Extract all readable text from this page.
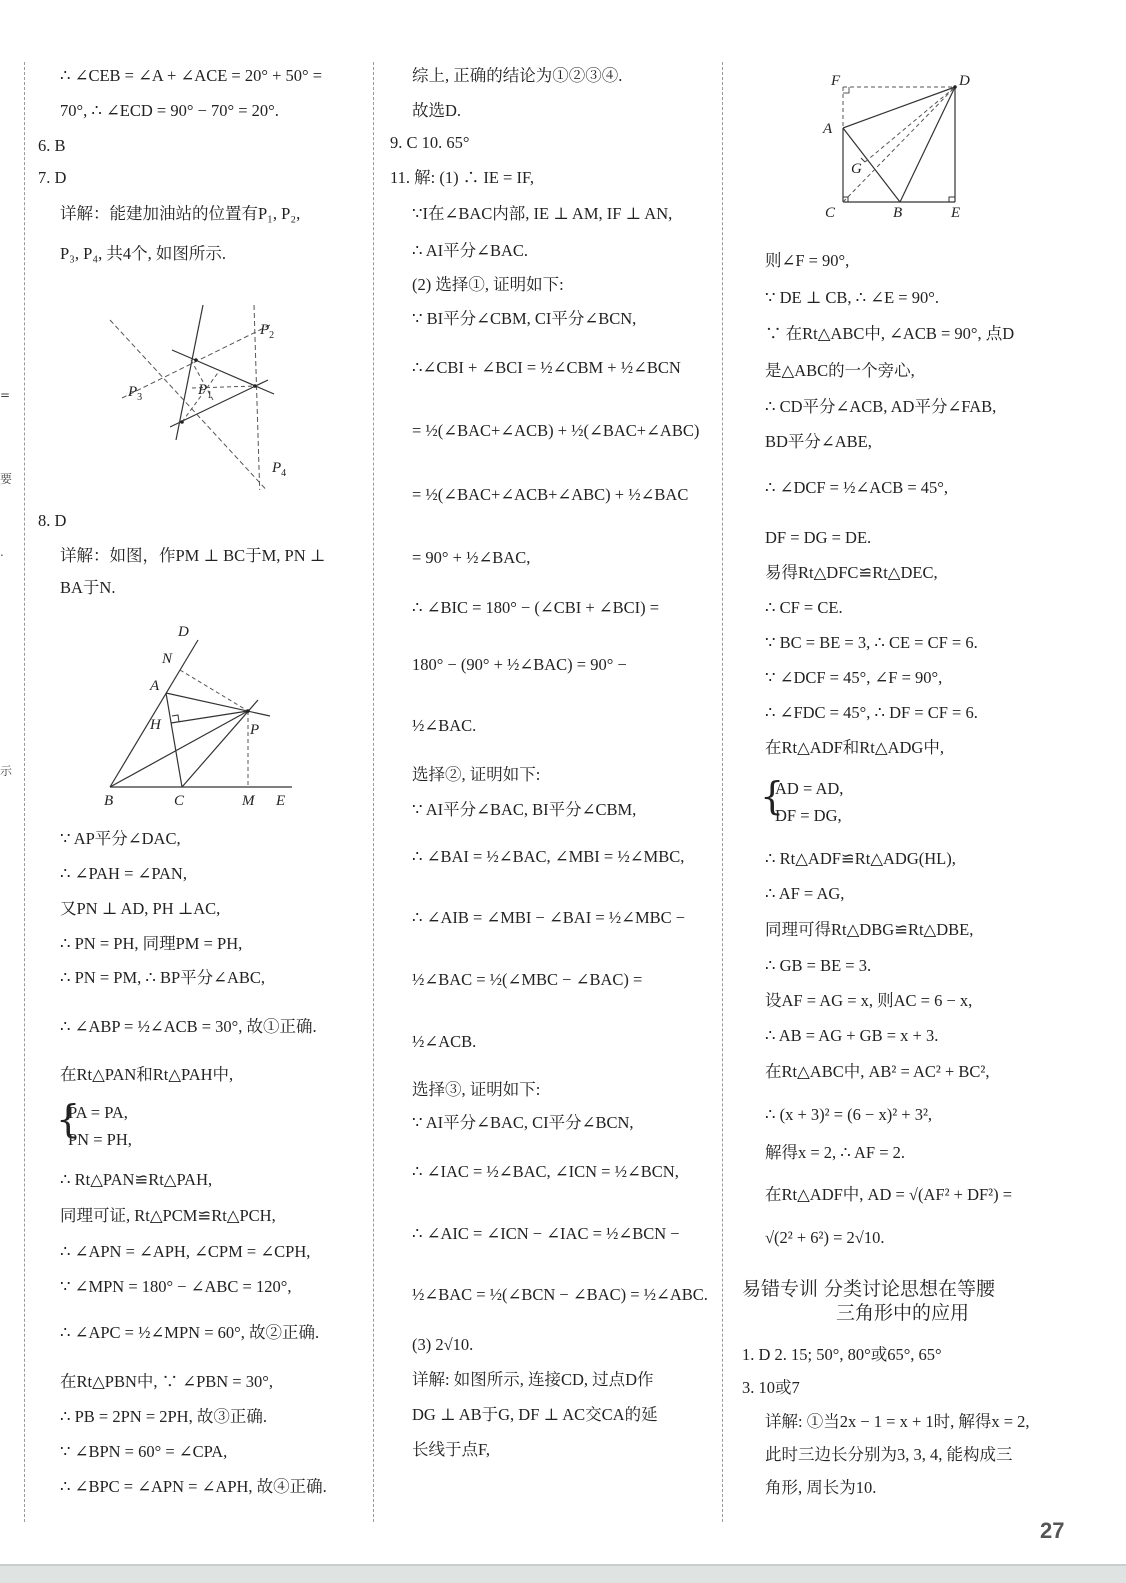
=
要
.
示
∴ ∠CEB = ∠A + ∠ACE = 20° + 50° =
70°, ∴ ∠ECD = 90° − 70° = 20°.
6. B
7. D
详解：能建加油站的位置有P₁, P₂,
P₃, P₄, 共4个, 如图所示.
$P_2$
$P_3$	$P_1$
$P_4$
8. D
详解：如图，作PM ⊥ BC于M, PN ⊥
BA于N.
D
N
A
H	P
B	C	M E
∵ AP平分∠DAC,
∴ ∠PAH = ∠PAN,
又PN ⊥ AD, PH ⊥AC,
∴ PN = PH, 同理PM = PH,
∴ PN = PM, ∴ BP平分∠ABC,
∴ ∠ABP = ½∠ACB = 30°, 故①正确.
在Rt△PAN和Rt△PAH中,
{
PA = PA,
PN = PH,
∴ Rt△PAN≌Rt△PAH,
同理可证, Rt△PCM≌Rt△PCH,
∴ ∠APN = ∠APH, ∠CPM = ∠CPH,
∵ ∠MPN = 180° − ∠ABC = 120°,
∴ ∠APC = ½∠MPN = 60°, 故②正确.
在Rt△PBN中, ∵ ∠PBN = 30°,
∴ PB = 2PN = 2PH, 故③正确.
∵ ∠BPN = 60° = ∠CPA,
∴ ∠BPC = ∠APN = ∠APH, 故④正确.
综上, 正确的结论为①②③④.
故选D.
9. C 10. 65°
11. 解: (1) ∴ IE = IF,
∵I在∠BAC内部, IE ⊥ AM, IF ⊥ AN,
∴ AI平分∠BAC.
(2) 选择①, 证明如下:
∵ BI平分∠CBM, CI平分∠BCN,
∴∠CBI + ∠BCI = ½∠CBM + ½∠BCN
= ½(∠BAC+∠ACB) + ½(∠BAC+∠ABC)
= ½(∠BAC+∠ACB+∠ABC) + ½∠BAC
= 90° + ½∠BAC,
∴ ∠BIC = 180° − (∠CBI + ∠BCI) =
180° − (90° + ½∠BAC) = 90° −
½∠BAC.
选择②, 证明如下:
∵ AI平分∠BAC, BI平分∠CBM,
∴ ∠BAI = ½∠BAC, ∠MBI = ½∠MBC,
∴ ∠AIB = ∠MBI − ∠BAI = ½∠MBC −
½∠BAC = ½(∠MBC − ∠BAC) =
½∠ACB.
选择③, 证明如下:
∵ AI平分∠BAC, CI平分∠BCN,
∴ ∠IAC = ½∠BAC, ∠ICN = ½∠BCN,
∴ ∠AIC = ∠ICN − ∠IAC = ½∠BCN −
½∠BAC = ½(∠BCN − ∠BAC) = ½∠ABC.
(3) 2√10.
详解: 如图所示, 连接CD, 过点D作
DG ⊥ AB于G, DF ⊥ AC交CA的延
长线于点F,
F	D
A
G
C	B	E
则∠F = 90°,
∵ DE ⊥ CB, ∴ ∠E = 90°.
∵ 在Rt△ABC中, ∠ACB = 90°, 点D
是△ABC的一个旁心,
∴ CD平分∠ACB, AD平分∠FAB,
BD平分∠ABE,
∴ ∠DCF = ½∠ACB = 45°,
DF = DG = DE.
易得Rt△DFC≌Rt△DEC,
∴ CF = CE.
∵ BC = BE = 3, ∴ CE = CF = 6.
∵ ∠DCF = 45°, ∠F = 90°,
∴ ∠FDC = 45°, ∴ DF = CF = 6.
在Rt△ADF和Rt△ADG中,
{
AD = AD,
DF = DG,
∴ Rt△ADF≌Rt△ADG(HL),
∴ AF = AG,
同理可得Rt△DBG≌Rt△DBE,
∴ GB = BE = 3.
设AF = AG = x, 则AC = 6 − x,
∴ AB = AG + GB = x + 3.
在Rt△ABC中, AB² = AC² + BC²,
∴ (x + 3)² = (6 − x)² + 3²,
解得x = 2, ∴ AF = 2.
在Rt△ADF中, AD = √(AF² + DF²) =
√(2² + 6²) = 2√10.
易错专训 分类讨论思想在等腰
三角形中的应用
1. D 2. 15; 50°, 80°或65°, 65°
3. 10或7
详解: ①当2x − 1 = x + 1时, 解得x = 2,
此时三边长分别为3, 3, 4, 能构成三
角形, 周长为10.
27
